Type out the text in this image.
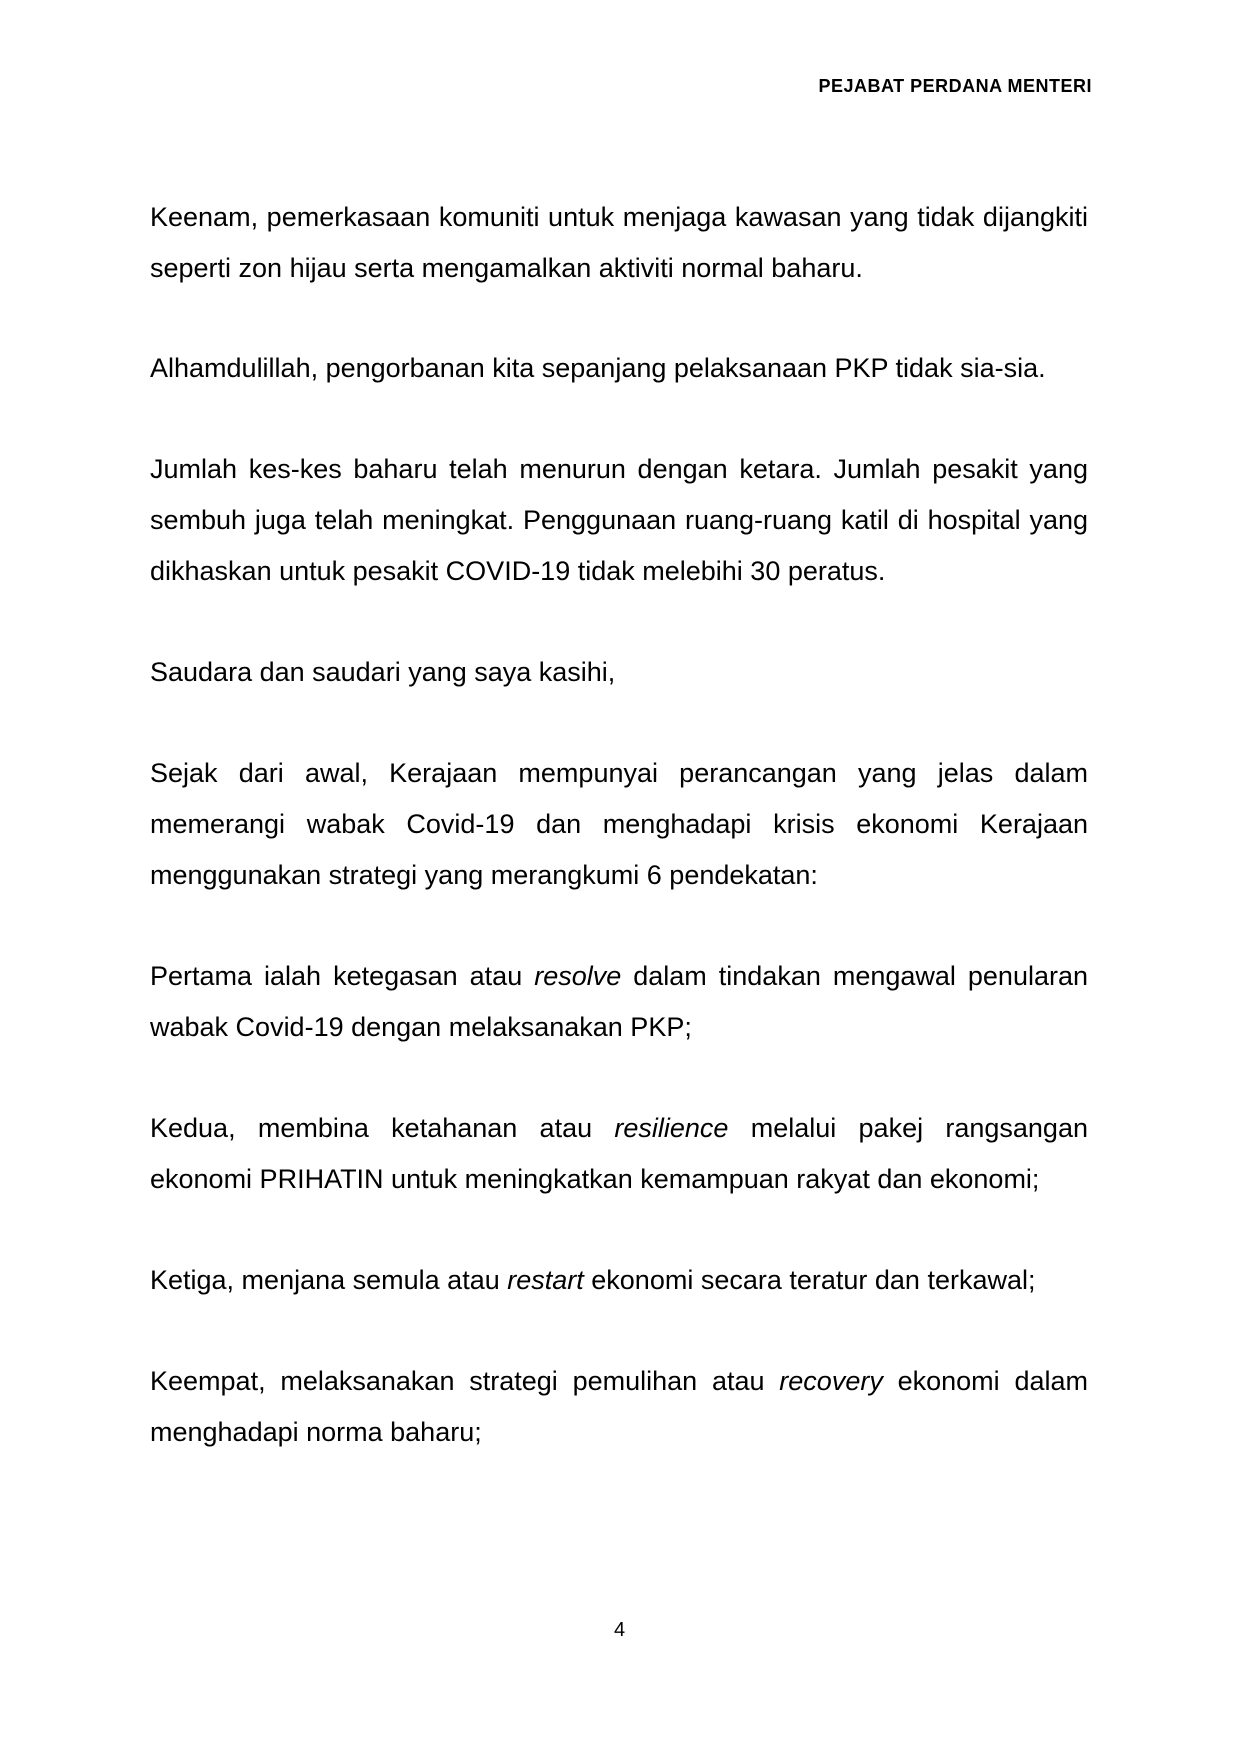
PEJABAT PERDANA MENTERI

Keenam, pemerkasaan komuniti untuk menjaga kawasan yang tidak dijangkiti seperti zon hijau serta mengamalkan aktiviti normal baharu.

Alhamdulillah, pengorbanan kita sepanjang pelaksanaan PKP tidak sia-sia.

Jumlah kes-kes baharu telah menurun dengan ketara. Jumlah pesakit yang sembuh juga telah meningkat. Penggunaan ruang-ruang katil di hospital yang dikhaskan untuk pesakit COVID-19 tidak melebihi 30 peratus.

Saudara dan saudari yang saya kasihi,

Sejak dari awal, Kerajaan mempunyai perancangan yang jelas dalam memerangi wabak Covid-19 dan menghadapi krisis ekonomi Kerajaan menggunakan strategi yang merangkumi 6 pendekatan:

Pertama ialah ketegasan atau resolve dalam tindakan mengawal penularan wabak Covid-19 dengan melaksanakan PKP;

Kedua, membina ketahanan atau resilience melalui pakej rangsangan ekonomi PRIHATIN untuk meningkatkan kemampuan rakyat dan ekonomi;

Ketiga, menjana semula atau restart ekonomi secara teratur dan terkawal;

Keempat, melaksanakan strategi pemulihan atau recovery ekonomi dalam menghadapi norma baharu;

4
